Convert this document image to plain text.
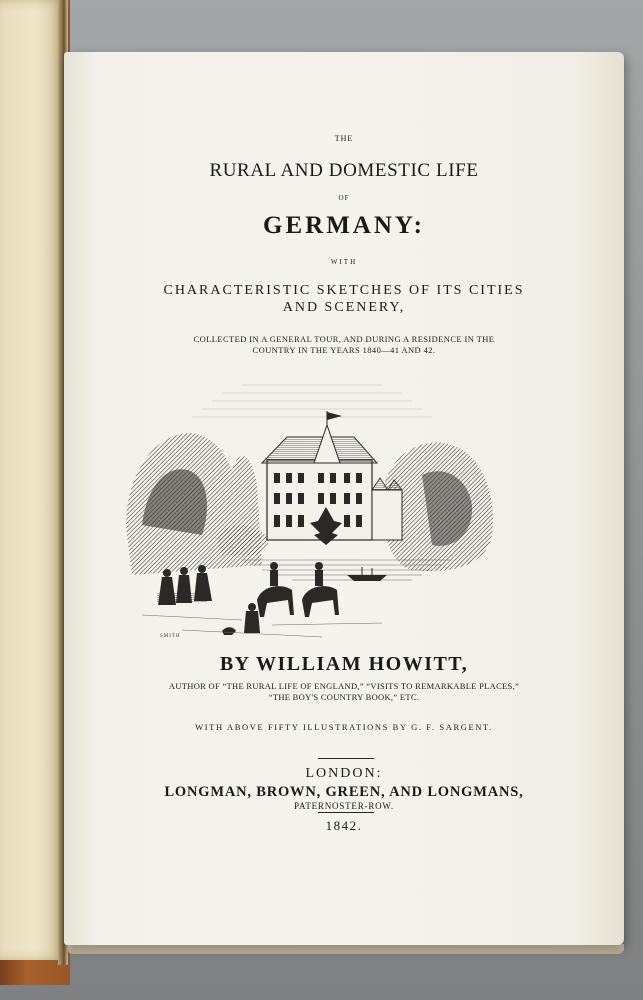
THE
RURAL AND DOMESTIC LIFE
OF
GERMANY:
WITH
CHARACTERISTIC SKETCHES OF ITS CITIES
AND SCENERY,
COLLECTED IN A GENERAL TOUR, AND DURING A RESIDENCE IN THE
COUNTRY IN THE YEARS 1840—41 AND 42.
SMITH
BY WILLIAM HOWITT,
AUTHOR OF “THE RURAL LIFE OF ENGLAND,” “VISITS TO REMARKABLE PLACES,”
“THE BOY'S COUNTRY BOOK,” ETC.
WITH ABOVE FIFTY ILLUSTRATIONS BY G. F. SARGENT.
LONDON:
LONGMAN, BROWN, GREEN, AND LONGMANS,
PATERNOSTER-ROW.
1842.
